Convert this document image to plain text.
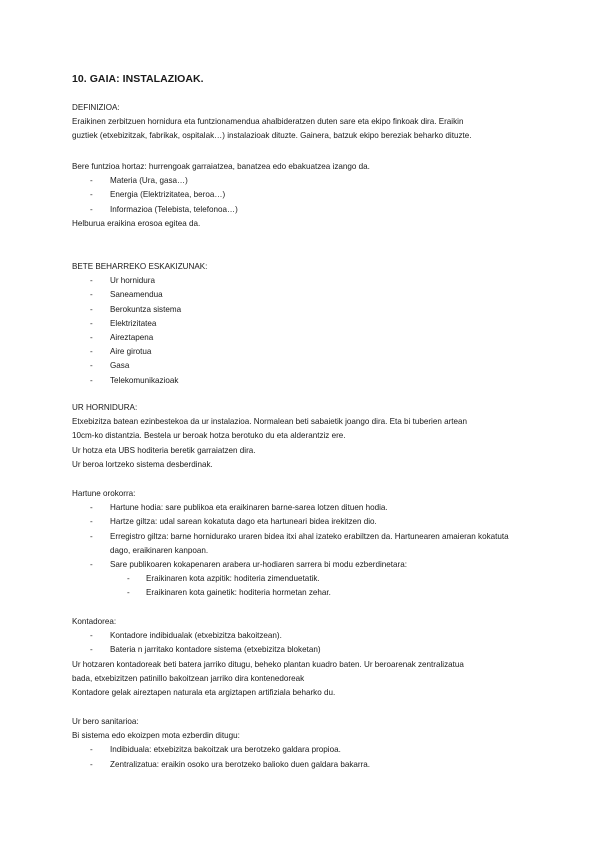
10. GAIA: INSTALAZIOAK.
DEFINIZIOA:
Eraikinen zerbitzuen hornidura eta funtzionamendua ahalbideratzen duten sare eta ekipo finkoak dira. Eraikin
guztiek (etxebizitzak, fabrikak, ospitalak…) instalazioak dituzte. Gainera, batzuk ekipo bereziak beharko dituzte.
Bere funtzioa hortaz: hurrengoak garraiatzea, banatzea edo ebakuatzea izango da.
- Materia (Ura, gasa…)
- Energia (Elektrizitatea, beroa…)
- Informazioa (Telebista, telefonoa…)
Helburua eraikina erosoa egitea da.
BETE BEHARREKO ESKAKIZUNAK:
- Ur hornidura
- Saneamendua
- Berokuntza sistema
- Elektrizitatea
- Aireztapena
- Aire girotua
- Gasa
- Telekomunikazioak
UR HORNIDURA:
Etxebizitza batean ezinbestekoa da ur instalazioa. Normalean beti sabaietik joango dira. Eta bi tuberien artean
10cm-ko distantzia. Bestela ur beroak hotza berotuko du eta alderantziz ere.
Ur hotza eta UBS hoditeria beretik garraiatzen dira.
Ur beroa lortzeko sistema desberdinak.
Hartune orokorra:
- Hartune hodia: sare publikoa eta eraikinaren barne-sarea lotzen dituen hodia.
- Hartze giltza: udal sarean kokatuta dago eta hartuneari bidea irekitzen dio.
- Erregistro giltza: barne hornidurako uraren bidea itxi ahal izateko erabiltzen da. Hartunearen amaieran kokatuta dago, eraikinaren kanpoan.
- Sare publikoaren kokapenaren arabera ur-hodiaren sarrera bi modu ezberdinetara:
- Eraikinaren kota azpitik: hoditeria zimenduetatik.
- Eraikinaren kota gainetik: hoditeria hormetan zehar.
Kontadorea:
- Kontadore indibidualak (etxebizitza bakoitzean).
- Bateria n jarritako kontadore sistema (etxebizitza bloketan)
Ur hotzaren kontadoreak beti batera jarriko ditugu, beheko plantan kuadro baten. Ur beroarenak zentralizatua
bada, etxebizitzen patinillo bakoitzean jarriko dira kontenedoreak
Kontadore gelak aireztapen naturala eta argiztapen artifiziala beharko du.
Ur bero sanitarioa:
Bi sistema edo ekoizpen mota ezberdin ditugu:
- Indibiduala: etxebizitza bakoitzak ura berotzeko galdara propioa.
- Zentralizatua: eraikin osoko ura berotzeko balioko duen galdara bakarra.
